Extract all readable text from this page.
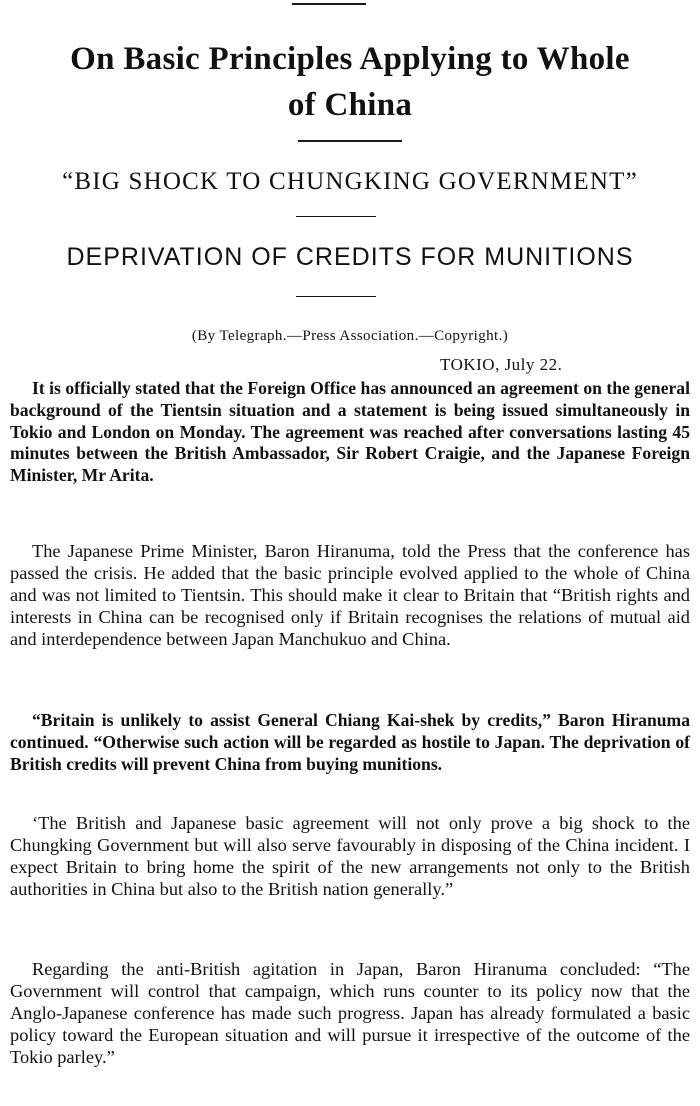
On Basic Principles Applying to Whole
of China
“BIG SHOCK TO CHUNGKING GOVERNMENT”
DEPRIVATION OF CREDITS FOR MUNITIONS
(By Telegraph.—Press Association.—Copyright.)
TOKIO, July 22.

It is officially stated that the Foreign Office has announced an agreement on the general background of the Tientsin situation and a statement is being issued simultaneously in Tokio and London on Monday. The agreement was reached after conversations lasting 45 minutes between the British Ambassador, Sir Robert Craigie, and the Japanese Foreign Minister, Mr Arita.

The Japanese Prime Minister, Baron Hiranuma, told the Press that the conference has passed the crisis. He added that the basic principle evolved applied to the whole of China and was not limited to Tientsin. This should make it clear to Britain that “British rights and interests in China can be recognised only if Britain recognises the relations of mutual aid and interdependence between Japan Manchukuo and China.

“Britain is unlikely to assist General Chiang Kai-shek by credits,” Baron Hiranuma continued. “Otherwise such action will be regarded as hostile to Japan. The deprivation of British credits will prevent China from buying munitions.

‘The British and Japanese basic agreement will not only prove a big shock to the Chungking Government but will also serve favourably in disposing of the China incident. I expect Britain to bring home the spirit of the new arrangements not only to the British authorities in China but also to the British nation generally.”

Regarding the anti-British agitation in Japan, Baron Hiranuma concluded: “The Government will control that campaign, which runs counter to its policy now that the Anglo-Japanese conference has made such progress. Japan has already formulated a basic policy toward the European situation and will pursue it irrespective of the outcome of the Tokio parley.”
